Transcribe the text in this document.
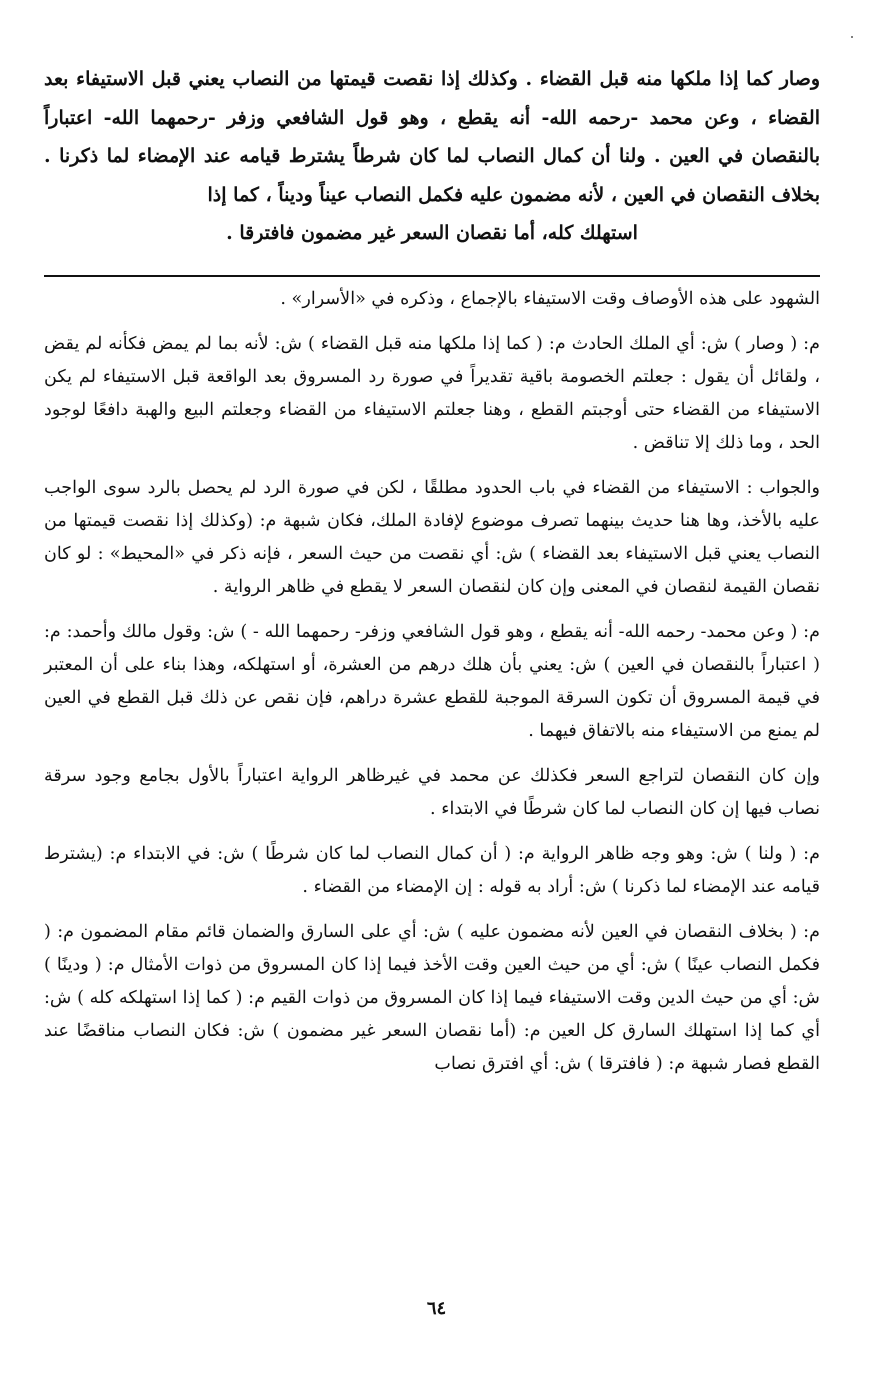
وصار كما إذا ملكها منه قبل القضاء . وكذلك إذا نقصت قيمتها من النصاب يعني قبل الاستيفاء بعد القضاء ، وعن محمد -رحمه الله- أنه يقطع ، وهو قول الشافعي وزفر -رحمهما الله- اعتباراً بالنقصان في العين . ولنا أن كمال النصاب لما كان شرطاً يشترط قيامه عند الإمضاء لما ذكرنا . بخلاف النقصان في العين ، لأنه مضمون عليه فكمل النصاب عيناً وديناً ، كما إذا

استهلك كله، أما نقصان السعر غير مضمون فافترقا .

الشهود على هذه الأوصاف وقت الاستيفاء بالإجماع ، وذكره في «الأسرار» .

م: ( وصار ) ش: أي الملك الحادث م: ( كما إذا ملكها منه قبل القضاء ) ش: لأنه بما لم يمض فكأنه لم يقض ، ولقائل أن يقول : جعلتم الخصومة باقية تقديراً في صورة رد المسروق بعد الواقعة قبل الاستيفاء لم يكن الاستيفاء من القضاء حتى أوجبتم القطع ، وهنا جعلتم الاستيفاء من القضاء وجعلتم البيع والهبة دافعًا لوجود الحد ، وما ذلك إلا تناقض .

والجواب : الاستيفاء من القضاء في باب الحدود مطلقًا ، لكن في صورة الرد لم يحصل بالرد سوى الواجب عليه بالأخذ، وها هنا حديث بينهما تصرف موضوع لإفادة الملك، فكان شبهة م: (وكذلك إذا نقصت قيمتها من النصاب يعني قبل الاستيفاء بعد القضاء ) ش: أي نقصت من حيث السعر ، فإنه ذكر في «المحيط» : لو كان نقصان القيمة لنقصان في المعنى وإن كان لنقصان السعر لا يقطع في ظاهر الرواية .

م: ( وعن محمد- رحمه الله- أنه يقطع ، وهو قول الشافعي وزفر- رحمهما الله - ) ش: وقول مالك وأحمد: م: ( اعتباراً بالنقصان في العين ) ش: يعني بأن هلك درهم من العشرة، أو استهلكه، وهذا بناء على أن المعتبر في قيمة المسروق أن تكون السرقة الموجبة للقطع عشرة دراهم، فإن نقص عن ذلك قبل القطع في العين لم يمنع من الاستيفاء منه بالاتفاق فيهما .

وإن كان النقصان لتراجع السعر فكذلك عن محمد في غيرظاهر الرواية اعتباراً بالأول بجامع وجود سرقة نصاب فيها إن كان النصاب لما كان شرطًا في الابتداء .

م: ( ولنا ) ش: وهو وجه ظاهر الرواية م: ( أن كمال النصاب لما كان شرطًا ) ش: في الابتداء م: (يشترط قيامه عند الإمضاء لما ذكرنا ) ش: أراد به قوله : إن الإمضاء من القضاء .

م: ( بخلاف النقصان في العين لأنه مضمون عليه ) ش: أي على السارق والضمان قائم مقام المضمون م: ( فكمل النصاب عينًا ) ش: أي من حيث العين وقت الأخذ فيما إذا كان المسروق من ذوات الأمثال م: ( ودينًا ) ش: أي من حيث الدين وقت الاستيفاء فيما إذا كان المسروق من ذوات القيم م: ( كما إذا استهلكه كله ) ش: أي كما إذا استهلك السارق كل العين م: (أما نقصان السعر غير مضمون ) ش: فكان النصاب مناقضًا عند القطع فصار شبهة م: ( فافترقا ) ش: أي افترق نصاب

٦٤
